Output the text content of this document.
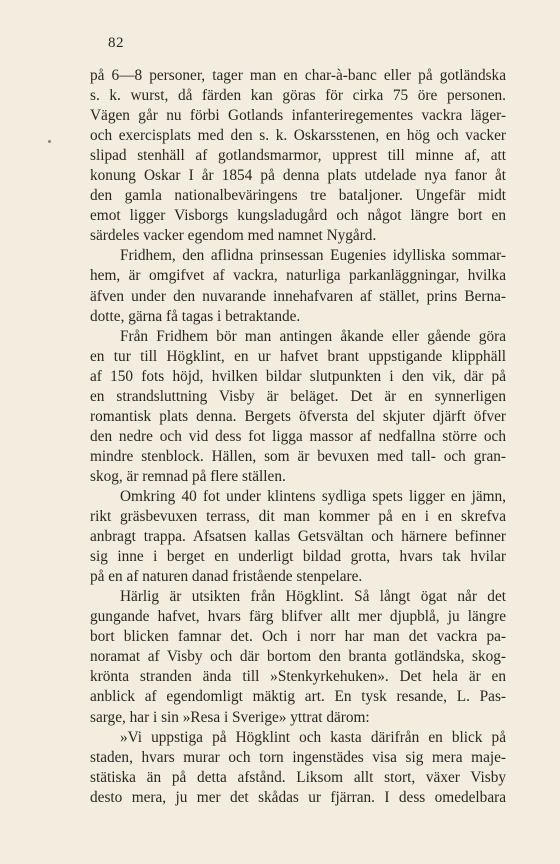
82
på 6—8 personer, tager man en char-à-banc eller på gotländska
s. k. wurst, då färden kan göras för cirka 75 öre personen.
Vägen går nu förbi Gotlands infanteriregementes vackra läger-
och exercisplats med den s. k. Oskarsstenen, en hög och vacker
slipad stenhäll af gotlandsmarmor, upprest till minne af, att
konung Oskar I år 1854 på denna plats utdelade nya fanor åt
den gamla nationalbeväringens tre bataljoner. Ungefär midt
emot ligger Visborgs kungsladugård och något längre bort en
särdeles vacker egendom med namnet Nygård.
Fridhem, den aflidna prinsessan Eugenies idylliska sommar-
hem, är omgifvet af vackra, naturliga parkanläggningar, hvilka
äfven under den nuvarande innehafvaren af stället, prins Berna-
dotte, gärna få tagas i betraktande.
Från Fridhem bör man antingen åkande eller gående göra
en tur till Högklint, en ur hafvet brant uppstigande klipphäll
af 150 fots höjd, hvilken bildar slutpunkten i den vik, där på
en strandsluttning Visby är beläget. Det är en synnerligen
romantisk plats denna. Bergets öfversta del skjuter djärft öfver
den nedre och vid dess fot ligga massor af nedfallna större och
mindre stenblock. Hällen, som är bevuxen med tall- och gran-
skog, är remnad på flere ställen.
Omkring 40 fot under klintens sydliga spets ligger en jämn,
rikt gräsbevuxen terrass, dit man kommer på en i en skrefva
anbragt trappa. Afsatsen kallas Getsvältan och härnere befinner
sig inne i berget en underligt bildad grotta, hvars tak hvilar
på en af naturen danad fristående stenpelare.
Härlig är utsikten från Högklint. Så långt ögat når det
gungande hafvet, hvars färg blifver allt mer djupblå, ju längre
bort blicken famnar det. Och i norr har man det vackra pa-
noramat af Visby och där bortom den branta gotländska, skog-
krönta stranden ända till »Stenkyrkehuken». Det hela är en
anblick af egendomligt mäktig art. En tysk resande, L. Pas-
sarge, har i sin »Resa i Sverige» yttrat därom:
»Vi uppstiga på Högklint och kasta därifrån en blick på
staden, hvars murar och torn ingenstädes visa sig mera maje-
stätiska än på detta afstånd. Liksom allt stort, växer Visby
desto mera, ju mer det skådas ur fjärran. I dess omedelbara
